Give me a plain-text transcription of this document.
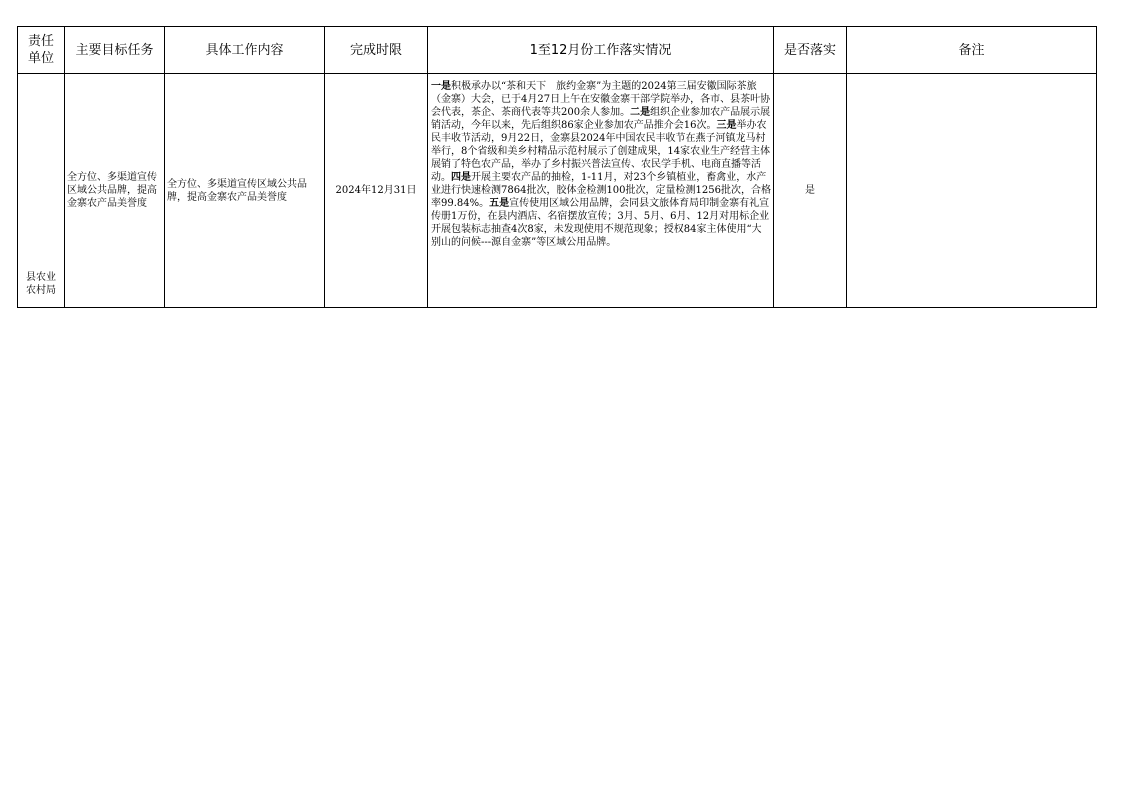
责任单位	主要目标任务	具体工作内容	完成时限	1至12月份工作落实情况	是否落实	备注
县农业农村局	全方位、多渠道宣传区域公共品牌，提高金寨农产品美誉度	全方位、多渠道宣传区域公共品牌，提高金寨农产品美誉度	2024年12月31日	一是积极承办以“茶和天下　旅约金寨”为主题的2024第三届安徽国际茶旅（金寨）大会，已于4月27日上午在安徽金寨干部学院举办，各市、县茶叶协会代表，茶企、茶商代表等共200余人参加。二是组织企业参加农产品展示展销活动，今年以来，先后组织86家企业参加农产品推介会16次。三是举办农民丰收节活动，9月22日，金寨县2024年中国农民丰收节在燕子河镇龙马村举行，8个省级和美乡村精品示范村展示了创建成果，14家农业生产经营主体展销了特色农产品，举办了乡村振兴普法宣传、农民学手机、电商直播等活动。四是开展主要农产品的抽检，1-11月，对23个乡镇植业，畜禽业，水产业进行快速检测7864批次，胶体金检测100批次，定量检测1256批次，合格率99.84%。五是宣传使用区域公用品牌，会同县文旅体育局印制金寨有礼宣传册1万份，在县内酒店、名宿摆放宣传；3月、5月、6月、12月对用标企业开展包装标志抽查4次8家，未发现使用不规范现象；授权84家主体使用“大别山的问候---源自金寨”等区域公用品牌。	是	
